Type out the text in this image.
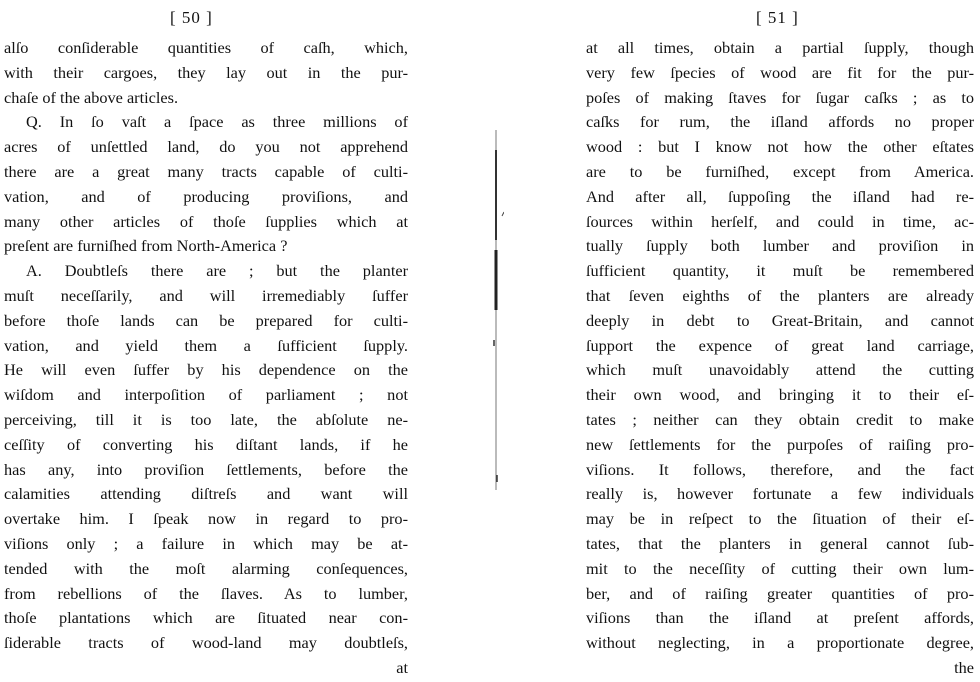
[ 50 ]
alſo conſiderable quantities of caſh, which,
with their cargoes, they lay out in the pur-
chaſe of the above articles.
Q. In ſo vaſt a ſpace as three millions of
acres of unſettled land, do you not apprehend
there are a great many tracts capable of culti-
vation, and of producing proviſions, and
many other articles of thoſe ſupplies which at
preſent are furniſhed from North-America ?
A. Doubtleſs there are ; but the planter
muſt neceſſarily, and will irremediably ſuffer
before thoſe lands can be prepared for culti-
vation, and yield them a ſufficient ſupply.
He will even ſuffer by his dependence on the
wiſdom and interpoſition of parliament ; not
perceiving, till it is too late, the abſolute ne-
ceſſity of converting his diſtant lands, if he
has any, into proviſion ſettlements, before the
calamities attending diſtreſs and want will
overtake him. I ſpeak now in regard to pro-
viſions only ; a failure in which may be at-
tended with the moſt alarming conſequences,
from rebellions of the ſlaves. As to lumber,
thoſe plantations which are ſituated near con-
ſiderable tracts of wood-land may doubtleſs,
at
[ 51 ]
at all times, obtain a partial ſupply, though
very few ſpecies of wood are fit for the pur-
poſes of making ſtaves for ſugar caſks ; as to
caſks for rum, the iſland affords no proper
wood : but I know not how the other eſtates
are to be furniſhed, except from America.
And after all, ſuppoſing the iſland had re-
ſources within herſelf, and could in time, ac-
tually ſupply both lumber and proviſion in
ſufficient quantity, it muſt be remembered
that ſeven eighths of the planters are already
deeply in debt to Great-Britain, and cannot
ſupport the expence of great land carriage,
which muſt unavoidably attend the cutting
their own wood, and bringing it to their eſ-
tates ; neither can they obtain credit to make
new ſettlements for the purpoſes of raiſing pro-
viſions. It follows, therefore, and the fact
really is, however fortunate a few individuals
may be in reſpect to the ſituation of their eſ-
tates, that the planters in general cannot ſub-
mit to the neceſſity of cutting their own lum-
ber, and of raiſing greater quantities of pro-
viſions than the iſland at preſent affords,
without neglecting, in a proportionate degree,
the
